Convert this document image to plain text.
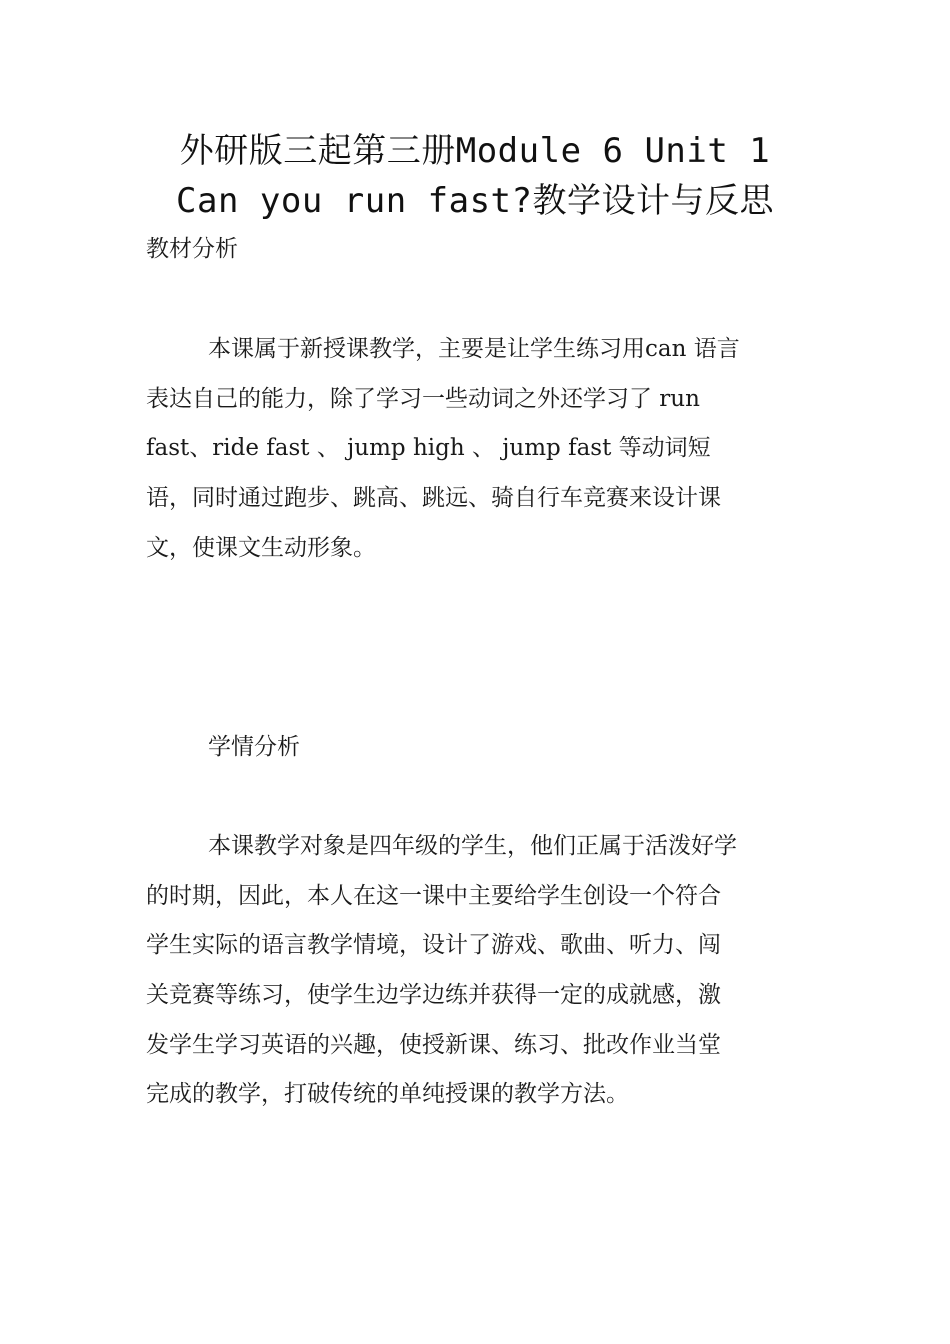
外研版三起第三册Module 6 Unit 1
Can you run fast?教学设计与反思
教材分析
本课属于新授课教学，主要是让学生练习用can 语言
表达自己的能力，除了学习一些动词之外还学习了 run
fast、ride fast 、 jump high 、 jump fast 等动词短
语，同时通过跑步、跳高、跳远、骑自行车竞赛来设计课
文，使课文生动形象。
学情分析
本课教学对象是四年级的学生，他们正属于活泼好学
的时期，因此，本人在这一课中主要给学生创设一个符合
学生实际的语言教学情境，设计了游戏、歌曲、听力、闯
关竞赛等练习，使学生边学边练并获得一定的成就感，激
发学生学习英语的兴趣，使授新课、练习、批改作业当堂
完成的教学，打破传统的单纯授课的教学方法。
